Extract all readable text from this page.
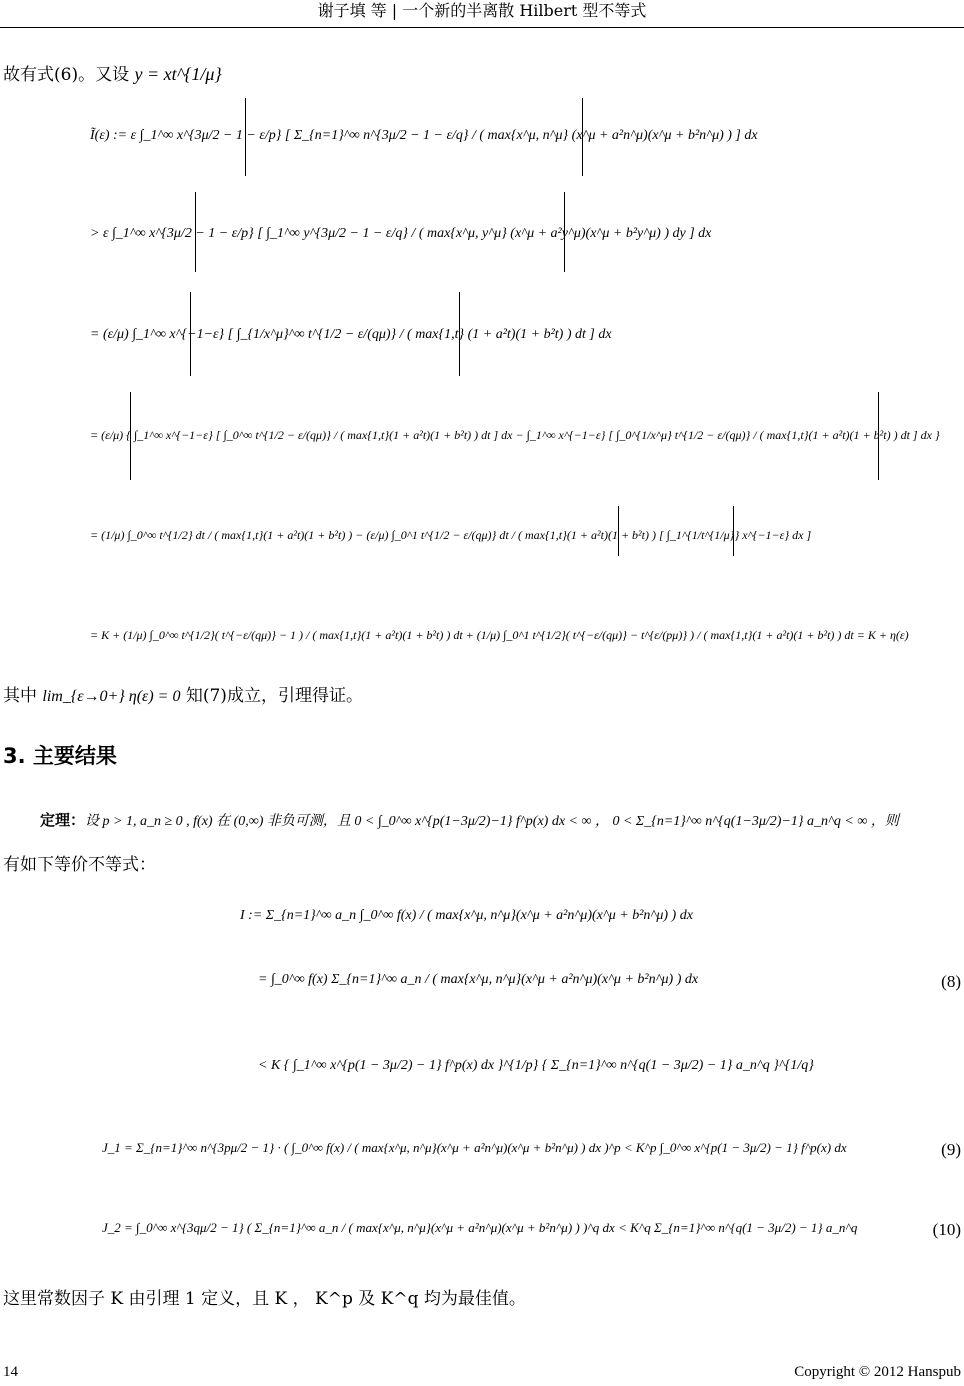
谢子填 等 | 一个新的半离散 Hilbert 型不等式
故有式(6)。又设 y = xt^{1/μ}
Ĩ(ε) := ε ∫_1^∞ x^{3μ/2 − 1 − ε/p} [ Σ_{n=1}^∞ n^{3μ/2 − 1 − ε/q} / ( max{x^μ, n^μ} (x^μ + a²n^μ)(x^μ + b²n^μ) ) ] dx
> ε ∫_1^∞ x^{3μ/2 − 1 − ε/p} [ ∫_1^∞ y^{3μ/2 − 1 − ε/q} / ( max{x^μ, y^μ} (x^μ + a²y^μ)(x^μ + b²y^μ) ) dy ] dx
= (ε/μ) ∫_1^∞ x^{−1−ε} [ ∫_{1/x^μ}^∞ t^{1/2 − ε/(qμ)} / ( max{1,t} (1 + a²t)(1 + b²t) ) dt ] dx
= (ε/μ) { ∫_1^∞ x^{−1−ε} [ ∫_0^∞ t^{1/2 − ε/(qμ)} / ( max{1,t}(1 + a²t)(1 + b²t) ) dt ] dx − ∫_1^∞ x^{−1−ε} [ ∫_0^{1/x^μ} t^{1/2 − ε/(qμ)} / ( max{1,t}(1 + a²t)(1 + b²t) ) dt ] dx }
= (1/μ) ∫_0^∞ t^{1/2} dt / ( max{1,t}(1 + a²t)(1 + b²t) ) − (ε/μ) ∫_0^1 t^{1/2 − ε/(qμ)} dt / ( max{1,t}(1 + a²t)(1 + b²t) ) [ ∫_1^{1/t^{1/μ}} x^{−1−ε} dx ]
= K + (1/μ) ∫_0^∞ t^{1/2}( t^{−ε/(qμ)} − 1 ) / ( max{1,t}(1 + a²t)(1 + b²t) ) dt + (1/μ) ∫_0^1 t^{1/2}( t^{−ε/(qμ)} − t^{ε/(pμ)} ) / ( max{1,t}(1 + a²t)(1 + b²t) ) dt = K + η(ε)
其中 lim_{ε→0+} η(ε) = 0 知(7)成立，引理得证。
3. 主要结果
定理：设 p > 1, a_n ≥ 0 , f(x) 在 (0,∞) 非负可测，且 0 < ∫_0^∞ x^{p(1−3μ/2)−1} f^p(x) dx < ∞ ， 0 < Σ_{n=1}^∞ n^{q(1−3μ/2)−1} a_n^q < ∞ ，则
有如下等价不等式：
I := Σ_{n=1}^∞ a_n ∫_0^∞ f(x) / ( max{x^μ, n^μ}(x^μ + a²n^μ)(x^μ + b²n^μ) ) dx
= ∫_0^∞ f(x) Σ_{n=1}^∞ a_n / ( max{x^μ, n^μ}(x^μ + a²n^μ)(x^μ + b²n^μ) ) dx	(8)
< K { ∫_1^∞ x^{p(1 − 3μ/2) − 1} f^p(x) dx }^{1/p} { Σ_{n=1}^∞ n^{q(1 − 3μ/2) − 1} a_n^q }^{1/q}
J_1 = Σ_{n=1}^∞ n^{3pμ/2 − 1} · ( ∫_0^∞ f(x) / ( max{x^μ, n^μ}(x^μ + a²n^μ)(x^μ + b²n^μ) ) dx )^p < K^p ∫_0^∞ x^{p(1 − 3μ/2) − 1} f^p(x) dx	(9)
J_2 = ∫_0^∞ x^{3qμ/2 − 1} ( Σ_{n=1}^∞ a_n / ( max{x^μ, n^μ}(x^μ + a²n^μ)(x^μ + b²n^μ) ) )^q dx < K^q Σ_{n=1}^∞ n^{q(1 − 3μ/2) − 1} a_n^q	(10)
这里常数因子 K 由引理 1 定义，且 K ， K^p 及 K^q 均为最佳值。
14	Copyright © 2012 Hanspub
